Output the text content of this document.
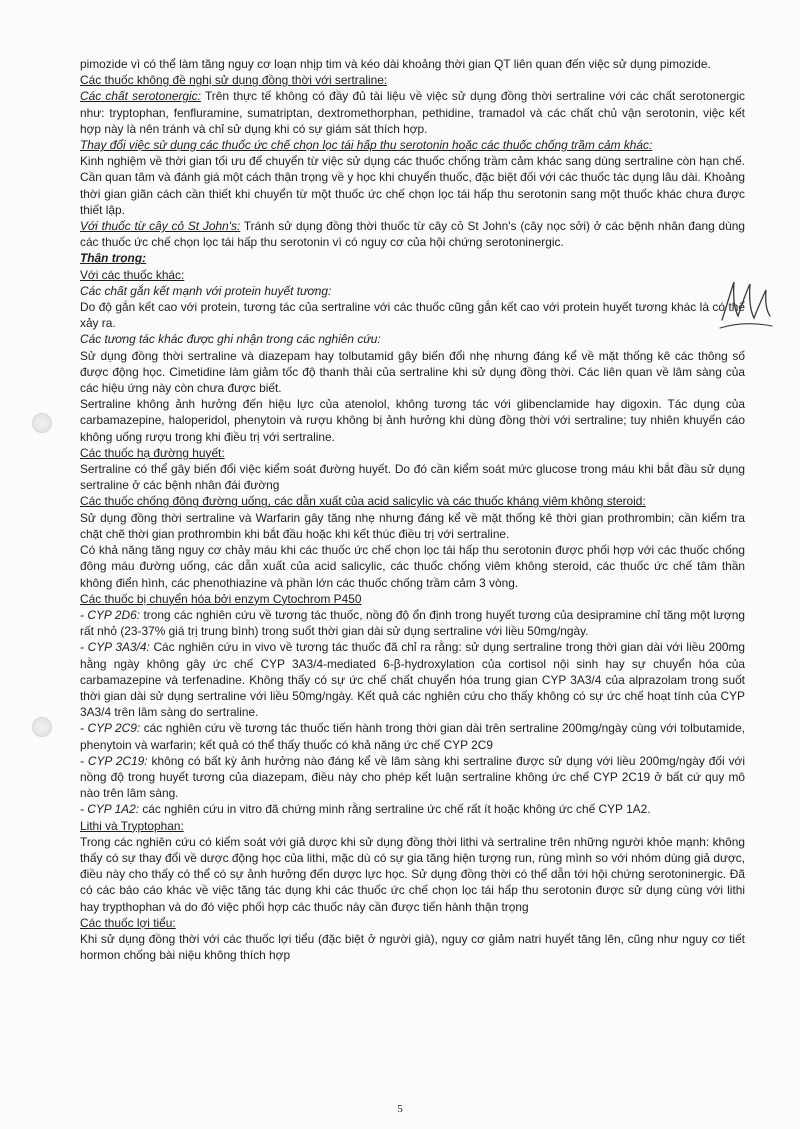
pimozide vì có thể làm tăng nguy cơ loạn nhịp tim và kéo dài khoảng thời gian QT liên quan đến việc sử dụng pimozide.

Các thuốc không đề nghị sử dụng đồng thời với sertraline:

Các chất serotonergic: Trên thực tế không có đầy đủ tài liệu về việc sử dụng đồng thời sertraline với các chất serotonergic như: tryptophan, fenfluramine, sumatriptan, dextromethorphan, pethidine, tramadol và các chất chủ vận serotonin, việc kết hợp này là nên tránh và chỉ sử dụng khi có sự giám sát thích hợp.

Thay đổi việc sử dụng các thuốc ức chế chọn lọc tái hấp thu serotonin hoặc các thuốc chống trầm cảm khác:

Kinh nghiệm về thời gian tối ưu để chuyển từ việc sử dụng các thuốc chống trầm cảm khác sang dùng sertraline còn hạn chế. Cần quan tâm và đánh giá một cách thận trọng về y học khi chuyển thuốc, đặc biệt đối với các thuốc tác dụng lâu dài. Khoảng thời gian giãn cách cần thiết khi chuyển từ một thuốc ức chế chọn lọc tái hấp thu serotonin sang một thuốc khác chưa được thiết lập.

Với thuốc từ cây cỏ St John's: Tránh sử dụng đồng thời thuốc từ cây cỏ St John's (cây nọc sởi) ở các bệnh nhân đang dùng các thuốc ức chế chọn lọc tái hấp thu serotonin vì có nguy cơ của hội chứng serotoninergic.

Thận trọng:

Với các thuốc khác:

Các chất gắn kết mạnh với protein huyết tương:

Do độ gắn kết cao với protein, tương tác của sertraline với các thuốc cũng gắn kết cao với protein huyết tương khác là có thể xảy ra.

Các tương tác khác được ghi nhận trong các nghiên cứu:

Sử dụng đồng thời sertraline và diazepam hay tolbutamid gây biến đổi nhẹ nhưng đáng kể về mặt thống kê các thông số được động học. Cimetidine làm giảm tốc độ thanh thải của sertraline khi sử dụng đồng thời. Các liên quan về lâm sàng của các hiệu ứng này còn chưa được biết.

Sertraline không ảnh hưởng đến hiệu lực của atenolol, không tương tác với glibenclamide hay digoxin. Tác dụng của carbamazepine, haloperidol, phenytoin và rượu không bị ảnh hưởng khi dùng đồng thời với sertraline; tuy nhiên khuyến cáo không uống rượu trong khi điều trị với sertraline.

Các thuốc hạ đường huyết:

Sertraline có thể gây biến đổi việc kiểm soát đường huyết. Do đó cần kiểm soát mức glucose trong máu khi bắt đầu sử dụng sertraline ở các bệnh nhân đái đường

Các thuốc chống đông đường uống, các dẫn xuất của acid salicylic và các thuốc kháng viêm không steroid:

Sử dụng đồng thời sertraline và Warfarin gây tăng nhẹ nhưng đáng kể về mặt thống kê thời gian prothrombin; cần kiểm tra chặt chẽ thời gian prothrombin khi bắt đầu hoặc khi kết thúc điều trị với sertraline.

Có khả năng tăng nguy cơ chảy máu khi các thuốc ức chế chọn lọc tái hấp thu serotonin được phối hợp với các thuốc chống đông máu đường uống, các dẫn xuất của acid salicylic, các thuốc chống viêm không steroid, các thuốc ức chế tâm thần không điển hình, các phenothiazine và phần lớn các thuốc chống trầm cảm 3 vòng.

Các thuốc bị chuyển hóa bởi enzym Cytochrom P450

- CYP 2D6: trong các nghiên cứu về tương tác thuốc, nồng độ ổn định trong huyết tương của desipramine chỉ tăng một lượng rất nhỏ (23-37% giá trị trung bình) trong suốt thời gian dài sử dụng sertraline với liều 50mg/ngày.

- CYP 3A3/4: Các nghiên cứu in vivo về tương tác thuốc đã chỉ ra rằng: sử dụng sertraline trong thời gian dài với liều 200mg hằng ngày không gây ức chế CYP 3A3/4-mediated 6-β-hydroxylation của cortisol nội sinh hay sự chuyển hóa của carbamazepine và terfenadine. Không thấy có sự ức chế chất chuyển hóa trung gian CYP 3A3/4 của alprazolam trong suốt thời gian dài sử dụng sertraline với liều 50mg/ngày. Kết quả các nghiên cứu cho thấy không có sự ức chế hoạt tính của CYP 3A3/4 trên lâm sàng do sertraline.

- CYP 2C9: các nghiên cứu về tương tác thuốc tiến hành trong thời gian dài trên sertraline 200mg/ngày cùng với tolbutamide, phenytoin và warfarin; kết quả có thể thấy thuốc có khả năng ức chế CYP 2C9

- CYP 2C19: không có bất kỳ ảnh hưởng nào đáng kể về lâm sàng khi sertraline được sử dụng với liều 200mg/ngày đối với nồng độ trong huyết tương của diazepam, điều này cho phép kết luận sertraline không ức chế CYP 2C19 ở bất cứ quy mô nào trên lâm sàng.

- CYP 1A2: các nghiên cứu in vitro đã chứng minh rằng sertraline ức chế rất ít hoặc không ức chế CYP 1A2.

Lithi và Tryptophan:

Trong các nghiên cứu có kiểm soát với giả dược khi sử dụng đồng thời lithi và sertraline trên những người khỏe mạnh: không thấy có sự thay đổi về dược động học của lithi, mặc dù có sự gia tăng hiện tượng run, rùng mình so với nhóm dùng giả dược, điều này cho thấy có thể có sự ảnh hưởng đến dược lực học. Sử dụng đồng thời có thể dẫn tới hội chứng serotoninergic. Đã có các báo cáo khác về việc tăng tác dụng khi các thuốc ức chế chọn lọc tái hấp thu serotonin được sử dụng cùng với lithi hay trypthophan và do đó việc phối hợp các thuốc này cần được tiến hành thận trọng

Các thuốc lợi tiểu:

Khi sử dụng đồng thời với các thuốc lợi tiểu (đặc biệt ở người già), nguy cơ giảm natri huyết tăng lên, cũng như nguy cơ tiết hormon chống bài niệu không thích hợp

5
